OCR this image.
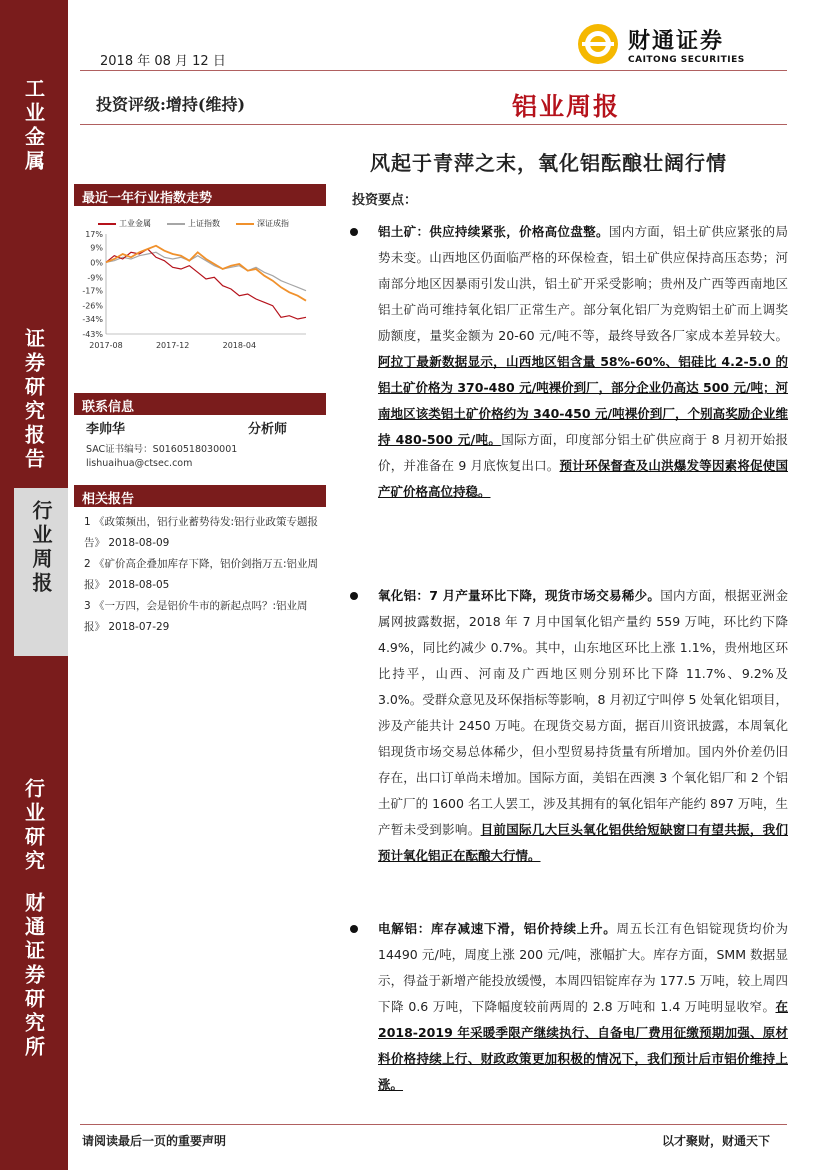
工业金属
证券研究报告
行业研究
财通证券研究所
行业周报
2018 年 08 月 12 日
财通证券
CAITONG SECURITIES
投资评级:增持(维持)	铝业周报
风起于青萍之末，氧化铝酝酿壮阔行情
最近一年行业指数走势
工业金属	上证指数	深证成指
17%
9%
0%
-9%
-17%
-26%
-34%
-43%
2017-08	2017-12	2018-04
联系信息
李帅华	分析师
SAC证书编号：S0160518030001
lishuaihua@ctsec.com
相关报告
1 《政策频出，铝行业蓄势待发:铝行业政策专题报告》 2018-08-09
2 《矿价高企叠加库存下降，铝价剑指万五:铝业周报》 2018-08-05
3 《一万四，会是铝价牛市的新起点吗？:铝业周报》 2018-07-29
投资要点：
铝土矿：供应持续紧张，价格高位盘整。国内方面，铝土矿供应紧张的局势未变。山西地区仍面临严格的环保检查，铝土矿供应保持高压态势；河南部分地区因暴雨引发山洪，铝土矿开采受影响；贵州及广西等西南地区铝土矿尚可维持氧化铝厂正常生产。部分氧化铝厂为竞购铝土矿而上调奖励额度，量奖金额为 20-60 元/吨不等，最终导致各厂家成本差异较大。阿拉丁最新数据显示，山西地区铝含量 58%-60%、铝硅比 4.2-5.0 的铝土矿价格为 370-480 元/吨裸价到厂，部分企业仍高达 500 元/吨；河南地区该类铝土矿价格约为 340-450 元/吨裸价到厂，个别高奖励企业维持 480-500 元/吨。国际方面，印度部分铝土矿供应商于 8 月初开始报价，并准备在 9 月底恢复出口。预计环保督查及山洪爆发等因素将促使国产矿价格高位持稳。
氧化铝：7 月产量环比下降，现货市场交易稀少。国内方面，根据亚洲金属网披露数据，2018 年 7 月中国氧化铝产量约 559 万吨，环比约下降 4.9%，同比约减少 0.7%。其中，山东地区环比上涨 1.1%，贵州地区环比持平，山西、河南及广西地区则分别环比下降 11.7%、9.2%及 3.0%。受群众意见及环保指标等影响，8 月初辽宁叫停 5 处氧化铝项目，涉及产能共计 2450 万吨。在现货交易方面，据百川资讯披露，本周氧化铝现货市场交易总体稀少，但小型贸易持货量有所增加。国内外价差仍旧存在，出口订单尚未增加。国际方面，美铝在西澳 3 个氧化铝厂和 2 个铝土矿厂的 1600 名工人罢工，涉及其拥有的氧化铝年产能约 897 万吨，生产暂未受到影响。目前国际几大巨头氧化铝供给短缺窗口有望共振，我们预计氧化铝正在酝酿大行情。
电解铝：库存减速下滑，铝价持续上升。周五长江有色铝锭现货均价为 14490 元/吨，周度上涨 200 元/吨，涨幅扩大。库存方面，SMM 数据显示，得益于新增产能投放缓慢，本周四铝锭库存为 177.5 万吨，较上周四下降 0.6 万吨，下降幅度较前两周的 2.8 万吨和 1.4 万吨明显收窄。在 2018-2019 年采暖季限产继续执行、自备电厂费用征缴预期加强、原材料价格持续上行、财政政策更加积极的情况下，我们预计后市铝价维持上涨。
请阅读最后一页的重要声明	以才聚财，财通天下
